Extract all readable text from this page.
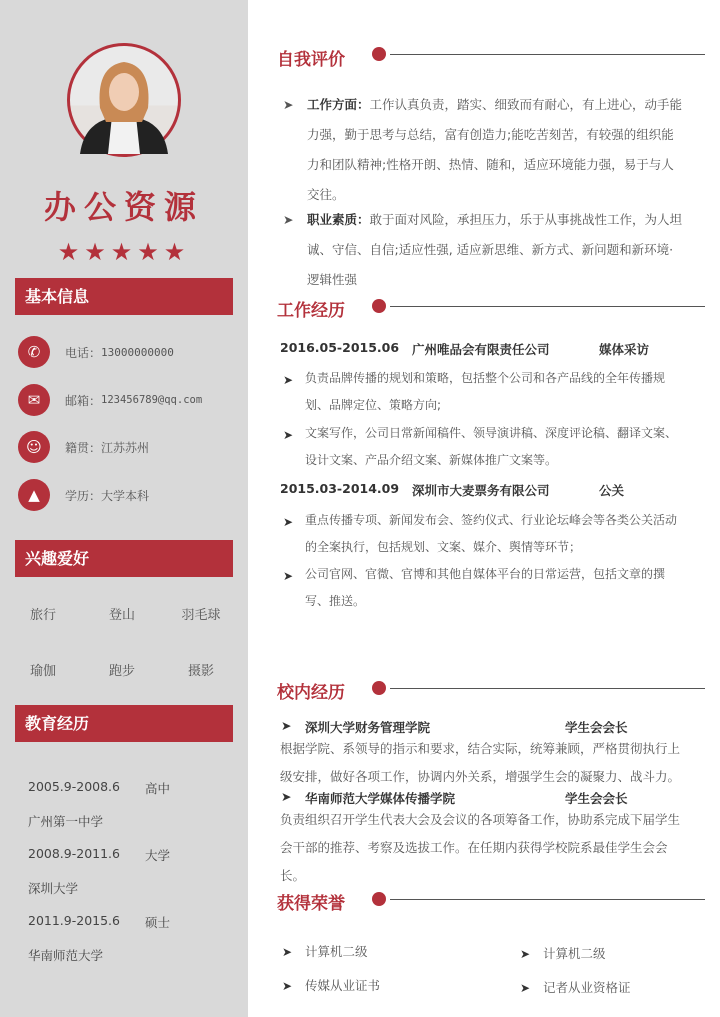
办公资源
★★★★★
基本信息
✆	电话： 13000000000
✉	邮箱： 123456789@qq.com
☺	籍贯： 江苏苏州
▲	学历： 大学本科
兴趣爱好
旅行	登山	羽毛球
瑜伽	跑步	摄影
教育经历
2005.9-2008.6 高中
广州第一中学
2008.9-2011.6 大学
深圳大学
2011.9-2015.6 硕士
华南师范大学
自我评价
➤ 工作方面：工作认真负责，踏实、细致而有耐心，有上进心，动手能力强，勤于思考与总结，富有创造力;能吃苦刻苦，有较强的组织能力和团队精神;性格开朗、热情、随和，适应环境能力强，易于与人交往。
➤ 职业素质：敢于面对风险，承担压力，乐于从事挑战性工作，为人坦诚、守信、自信;适应性强, 适应新思维、新方式、新问题和新环境·逻辑性强
工作经历
2016.05-2015.06 广州唯品会有限责任公司	媒体采访
➤ 负责品牌传播的规划和策略，包括整个公司和各产品线的全年传播规划、品牌定位、策略方向;
➤ 文案写作，公司日常新闻稿件、领导演讲稿、深度评论稿、翻译文案、设计文案、产品介绍文案、新媒体推广文案等。
2015.03-2014.09 深圳市大麦票务有限公司	公关
➤ 重点传播专项、新闻发布会、签约仪式、行业论坛峰会等各类公关活动的全案执行，包括规划、文案、媒介、舆情等环节；
➤ 公司官网、官微、官博和其他自媒体平台的日常运营，包括文章的撰写、推送。
校内经历
➤ 深圳大学财务管理学院	学生会会长
根据学院、系领导的指示和要求，结合实际，统筹兼顾，严格贯彻执行上级安排，做好各项工作，协调内外关系，增强学生会的凝聚力、战斗力。
➤ 华南师范大学媒体传播学院	学生会会长
负责组织召开学生代表大会及会议的各项筹备工作，协助系完成下届学生会干部的推荐、考察及选拔工作。在任期内获得学校院系最佳学生会会长。
获得荣誉
➤ 计算机二级	➤ 计算机二级
➤ 传媒从业证书	➤ 记者从业资格证
